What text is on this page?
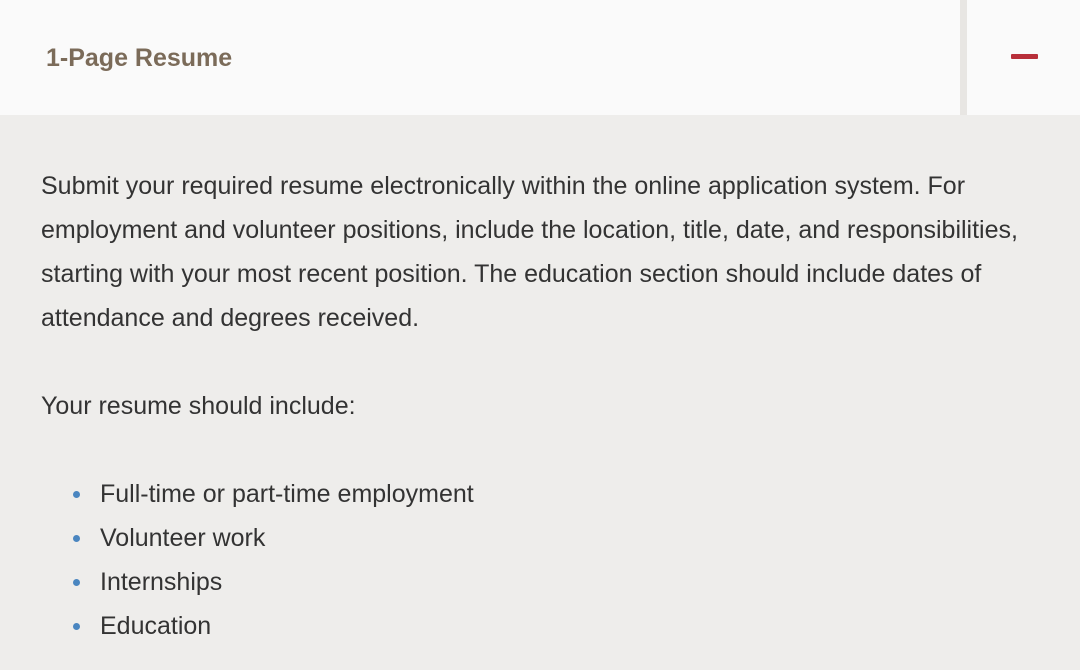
1-Page Resume

Submit your required resume electronically within the online application system. For employment and volunteer positions, include the location, title, date, and responsibilities, starting with your most recent position. The education section should include dates of attendance and degrees received.

Your resume should include:

Full-time or part-time employment
Volunteer work
Internships
Education
